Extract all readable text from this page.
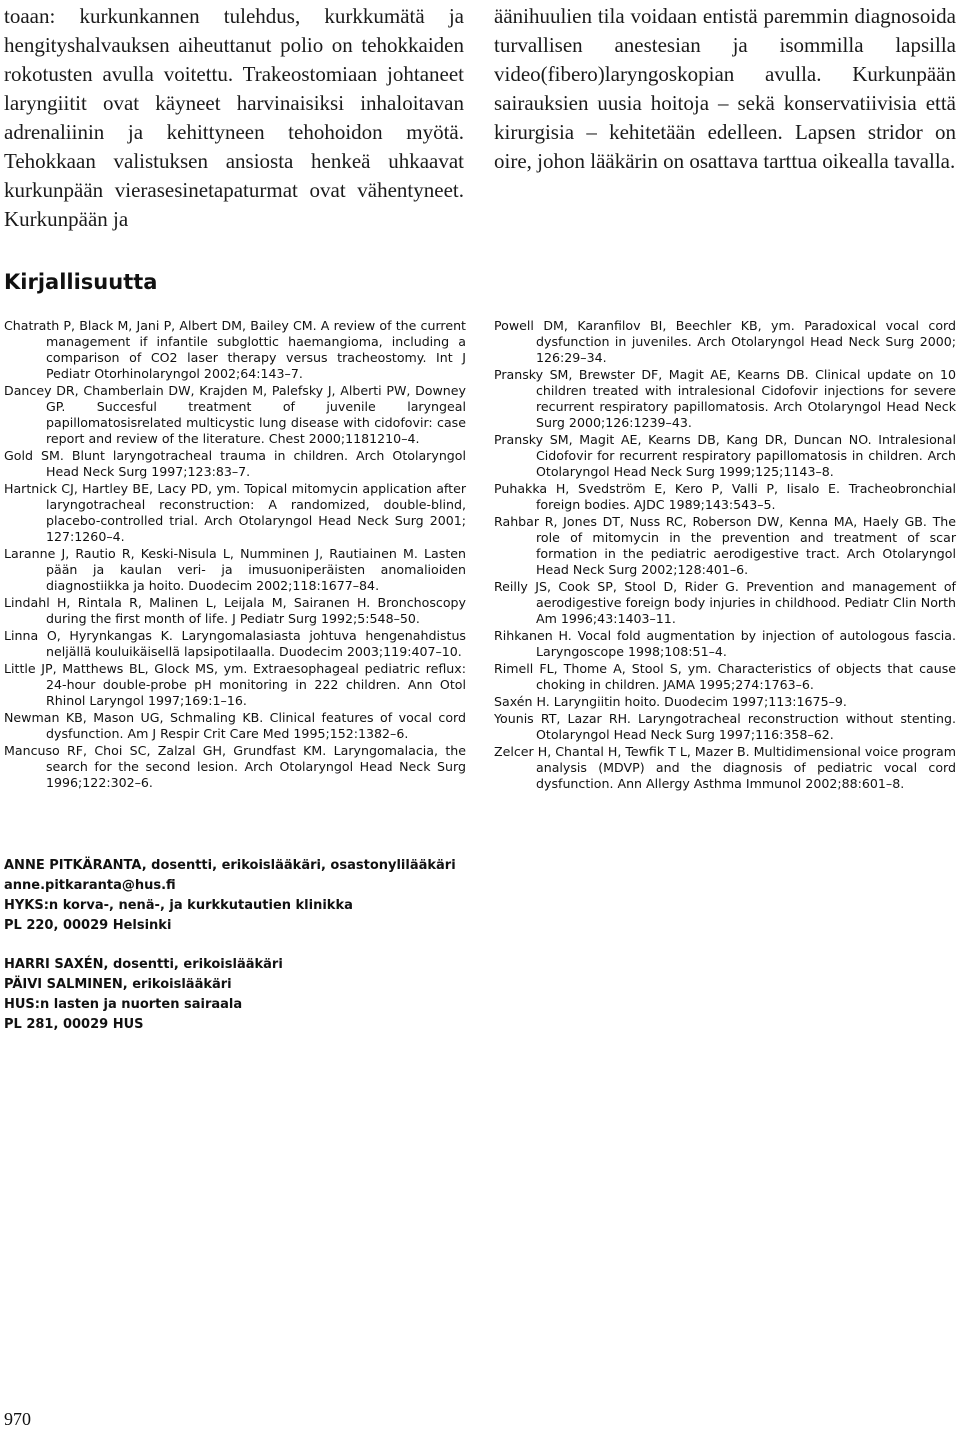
toaan: kurkunkannen tulehdus, kurkkumätä ja hengityshalvauksen aiheuttanut polio on tehokkaiden rokotusten avulla voitettu. Trakeostomiaan johtaneet laryngiitit ovat käyneet harvinaisiksi inhaloitavan adrenaliinin ja kehittyneen tehohoidon myötä. Tehokkaan valistuksen ansiosta henkeä uhkaavat kurkunpään vierasesinetapaturmat ovat vähentyneet. Kurkunpään ja

äänihuulien tila voidaan entistä paremmin diagnosoida turvallisen anestesian ja isommilla lapsilla video(fibero)laryngoskopian avulla. Kurkunpään sairauksien uusia hoitoja – sekä konservatiivisia että kirurgisia – kehitetään edelleen. Lapsen stridor on oire, johon lääkärin on osattava tarttua oikealla tavalla.

Kirjallisuutta

Chatrath P, Black M, Jani P, Albert DM, Bailey CM. A review of the current management if infantile subglottic haemangioma, including a comparison of CO2 laser therapy versus tracheostomy. Int J Pediatr Otorhinolaryngol 2002;64:143–7.

Dancey DR, Chamberlain DW, Krajden M, Palefsky J, Alberti PW, Downey GP. Succesful treatment of juvenile laryngeal papillomatosisrelated multicystic lung disease with cidofovir: case report and review of the literature. Chest 2000;1181210–4.

Gold SM. Blunt laryngotracheal trauma in children. Arch Otolaryngol Head Neck Surg 1997;123:83–7.

Hartnick CJ, Hartley BE, Lacy PD, ym. Topical mitomycin application after laryngotracheal reconstruction: A randomized, double-blind, placebo-controlled trial. Arch Otolaryngol Head Neck Surg 2001; 127:1260–4.

Laranne J, Rautio R, Keski-Nisula L, Numminen J, Rautiainen M. Lasten pään ja kaulan veri- ja imusuoniperäisten anomalioiden diagnostiikka ja hoito. Duodecim 2002;118:1677–84.

Lindahl H, Rintala R, Malinen L, Leijala M, Sairanen H. Bronchoscopy during the first month of life. J Pediatr Surg 1992;5:548–50.

Linna O, Hyrynkangas K. Laryngomalasiasta johtuva hengenahdistus neljällä kouluikäisellä lapsipotilaalla. Duodecim 2003;119:407–10.

Little JP, Matthews BL, Glock MS, ym. Extraesophageal pediatric reflux: 24-hour double-probe pH monitoring in 222 children. Ann Otol Rhinol Laryngol 1997;169:1–16.

Newman KB, Mason UG, Schmaling KB. Clinical features of vocal cord dysfunction. Am J Respir Crit Care Med 1995;152:1382–6.

Mancuso RF, Choi SC, Zalzal GH, Grundfast KM. Laryngomalacia, the search for the second lesion. Arch Otolaryngol Head Neck Surg 1996;122:302–6.

Powell DM, Karanfilov BI, Beechler KB, ym. Paradoxical vocal cord dysfunction in juveniles. Arch Otolaryngol Head Neck Surg 2000; 126:29–34.

Pransky SM, Brewster DF, Magit AE, Kearns DB. Clinical update on 10 children treated with intralesional Cidofovir injections for severe recurrent respiratory papillomatosis. Arch Otolaryngol Head Neck Surg 2000;126:1239–43.

Pransky SM, Magit AE, Kearns DB, Kang DR, Duncan NO. Intralesional Cidofovir for recurrent respiratory papillomatosis in children. Arch Otolaryngol Head Neck Surg 1999;125;1143–8.

Puhakka H, Svedström E, Kero P, Valli P, Iisalo E. Tracheobronchial foreign bodies. AJDC 1989;143:543–5.

Rahbar R, Jones DT, Nuss RC, Roberson DW, Kenna MA, Haely GB. The role of mitomycin in the prevention and treatment of scar formation in the pediatric aerodigestive tract. Arch Otolaryngol Head Neck Surg 2002;128:401–6.

Reilly JS, Cook SP, Stool D, Rider G. Prevention and management of aerodigestive foreign body injuries in childhood. Pediatr Clin North Am 1996;43:1403–11.

Rihkanen H. Vocal fold augmentation by injection of autologous fascia. Laryngoscope 1998;108:51–4.

Rimell FL, Thome A, Stool S, ym. Characteristics of objects that cause choking in children. JAMA 1995;274:1763–6.

Saxén H. Laryngiitin hoito. Duodecim 1997;113:1675–9.

Younis RT, Lazar RH. Laryngotracheal reconstruction without stenting. Otolaryngol Head Neck Surg 1997;116:358–62.

Zelcer H, Chantal H, Tewfik T L, Mazer B. Multidimensional voice program analysis (MDVP) and the diagnosis of pediatric vocal cord dysfunction. Ann Allergy Asthma Immunol 2002;88:601–8.

ANNE PITKÄRANTA, dosentti, erikoislääkäri, osastonylilääkäri
anne.pitkaranta@hus.fi
HYKS:n korva-, nenä-, ja kurkkutautien klinikka
PL 220, 00029 Helsinki
HARRI SAXÉN, dosentti, erikoislääkäri
PÄIVI SALMINEN, erikoislääkäri
HUS:n lasten ja nuorten sairaala
PL 281, 00029 HUS
970
